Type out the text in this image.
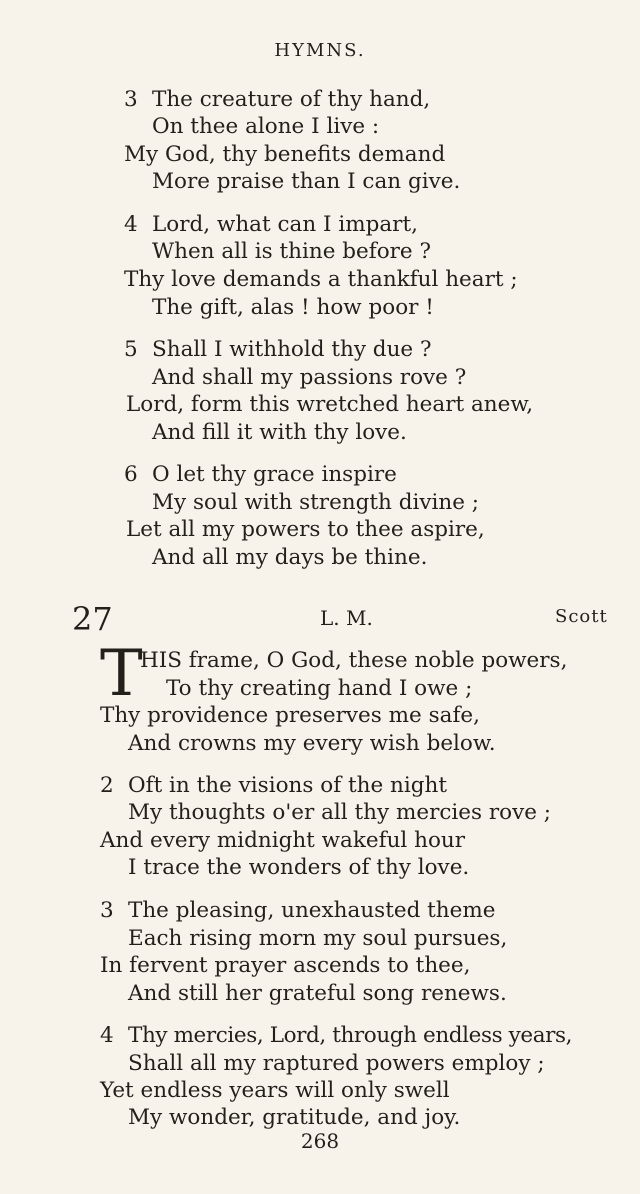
HYMNS.
3 The creature of thy hand,
On thee alone I live :
My God, thy benefits demand
More praise than I can give.
4 Lord, what can I impart,
When all is thine before ?
Thy love demands a thankful heart ;
The gift, alas ! how poor !
5 Shall I withhold thy due ?
And shall my passions rove ?
Lord, form this wretched heart anew,
And fill it with thy love.
6 O let thy grace inspire
My soul with strength divine ;
Let all my powers to thee aspire,
And all my days be thine.
27	L. M.	Scott
T
HIS frame, O God, these noble powers,
To thy creating hand I owe ;
Thy providence preserves me safe,
And crowns my every wish below.
2 Oft in the visions of the night
My thoughts o'er all thy mercies rove ;
And every midnight wakeful hour
I trace the wonders of thy love.
3 The pleasing, unexhausted theme
Each rising morn my soul pursues,
In fervent prayer ascends to thee,
And still her grateful song renews.
4 Thy mercies, Lord, through endless years,
Shall all my raptured powers employ ;
Yet endless years will only swell
My wonder, gratitude, and joy.
268
